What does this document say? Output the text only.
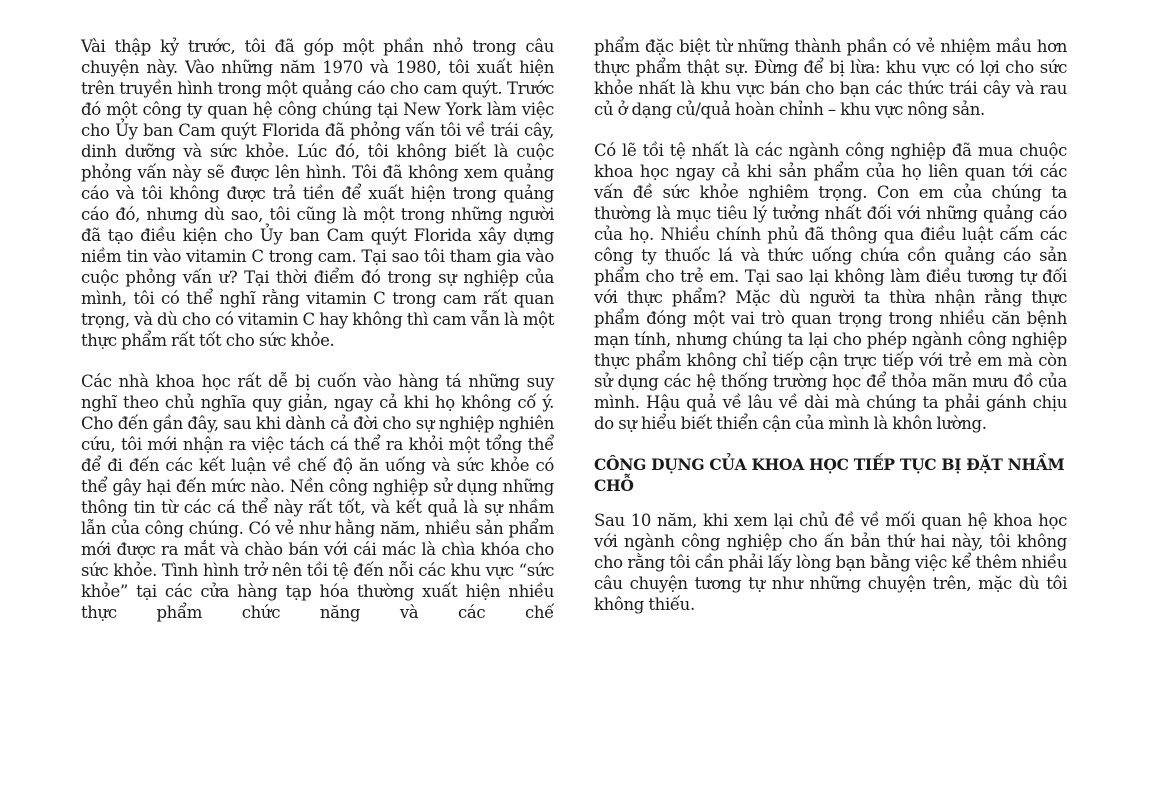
Vài thập kỷ trước, tôi đã góp một phần nhỏ trong câu chuyện này. Vào những năm 1970 và 1980, tôi xuất hiện trên truyền hình trong một quảng cáo cho cam quýt. Trước đó một công ty quan hệ công chúng tại New York làm việc cho Ủy ban Cam quýt Florida đã phỏng vấn tôi về trái cây, dinh dưỡng và sức khỏe. Lúc đó, tôi không biết là cuộc phỏng vấn này sẽ được lên hình. Tôi đã không xem quảng cáo và tôi không được trả tiền để xuất hiện trong quảng cáo đó, nhưng dù sao, tôi cũng là một trong những người đã tạo điều kiện cho Ủy ban Cam quýt Florida xây dựng niềm tin vào vitamin C trong cam. Tại sao tôi tham gia vào cuộc phỏng vấn ư? Tại thời điểm đó trong sự nghiệp của mình, tôi có thể nghĩ rằng vitamin C trong cam rất quan trọng, và dù cho có vitamin C hay không thì cam vẫn là một thực phẩm rất tốt cho sức khỏe.

Các nhà khoa học rất dễ bị cuốn vào hàng tá những suy nghĩ theo chủ nghĩa quy giản, ngay cả khi họ không cố ý. Cho đến gần đây, sau khi dành cả đời cho sự nghiệp nghiên cứu, tôi mới nhận ra việc tách cá thể ra khỏi một tổng thể để đi đến các kết luận về chế độ ăn uống và sức khỏe có thể gây hại đến mức nào. Nền công nghiệp sử dụng những thông tin từ các cá thể này rất tốt, và kết quả là sự nhầm lẫn của công chúng. Có vẻ như hằng năm, nhiều sản phẩm mới được ra mắt và chào bán với cái mác là chìa khóa cho sức khỏe. Tình hình trở nên tồi tệ đến nỗi các khu vực “sức khỏe” tại các cửa hàng tạp hóa thường xuất hiện nhiều thực phẩm chức năng và các chế

phẩm đặc biệt từ những thành phần có vẻ nhiệm mầu hơn thực phẩm thật sự. Đừng để bị lừa: khu vực có lợi cho sức khỏe nhất là khu vực bán cho bạn các thức trái cây và rau củ ở dạng củ/quả hoàn chỉnh – khu vực nông sản.

Có lẽ tồi tệ nhất là các ngành công nghiệp đã mua chuộc khoa học ngay cả khi sản phẩm của họ liên quan tới các vấn đề sức khỏe nghiêm trọng. Con em của chúng ta thường là mục tiêu lý tưởng nhất đối với những quảng cáo của họ. Nhiều chính phủ đã thông qua điều luật cấm các công ty thuốc lá và thức uống chứa cồn quảng cáo sản phẩm cho trẻ em. Tại sao lại không làm điều tương tự đối với thực phẩm? Mặc dù người ta thừa nhận rằng thực phẩm đóng một vai trò quan trọng trong nhiều căn bệnh mạn tính, nhưng chúng ta lại cho phép ngành công nghiệp thực phẩm không chỉ tiếp cận trực tiếp với trẻ em mà còn sử dụng các hệ thống trường học để thỏa mãn mưu đồ của mình. Hậu quả về lâu về dài mà chúng ta phải gánh chịu do sự hiểu biết thiển cận của mình là khôn lường.

CÔNG DỤNG CỦA KHOA HỌC TIẾP TỤC BỊ ĐẶT NHẦM CHỖ

Sau 10 năm, khi xem lại chủ đề về mối quan hệ khoa học với ngành công nghiệp cho ấn bản thứ hai này, tôi không cho rằng tôi cần phải lấy lòng bạn bằng việc kể thêm nhiều câu chuyện tương tự như những chuyện trên, mặc dù tôi không thiếu.
